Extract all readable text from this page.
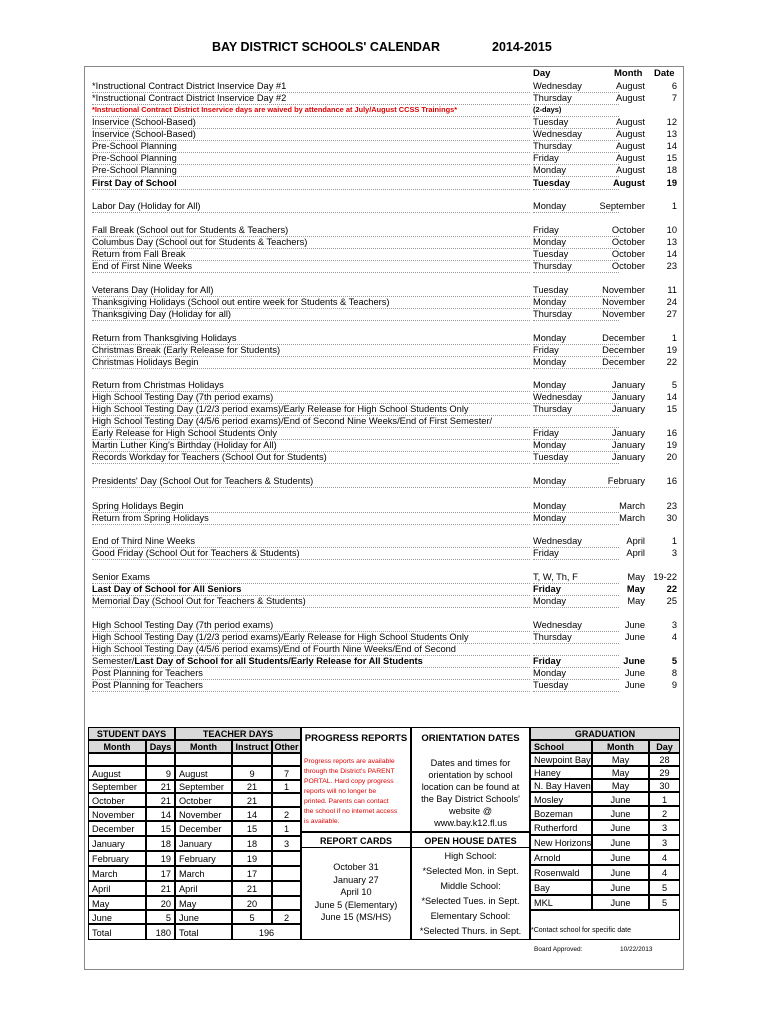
BAY DISTRICT SCHOOLS' CALENDAR	2014-2015
Day	Month Date
*Instructional Contract District Inservice Day #1	Wednesday	August	6
*Instructional Contract District Inservice Day #2	Thursday	August	7
*Instructional Contract District Inservice days are waived by attendance at July/August CCSS Trainings*	(2-days)
Inservice (School-Based)	Tuesday	August	12
Inservice (School-Based)	Wednesday	August	13
Pre-School Planning	Thursday	August	14
Pre-School Planning	Friday	August	15
Pre-School Planning	Monday	August	18
First Day of School	Tuesday	August	19
Labor Day (Holiday for All)	Monday	September	1
Fall Break (School out for Students & Teachers)	Friday	October	10
Columbus Day (School out for Students & Teachers)	Monday	October	13
Return from Fall Break	Tuesday	October	14
End of First Nine Weeks	Thursday	October	23
Veterans Day (Holiday for All)	Tuesday	November	11
Thanksgiving Holidays (School out entire week for Students & Teachers)	Monday	November	24
Thanksgiving Day (Holiday for all)	Thursday	November	27
Return from Thanksgiving Holidays	Monday	December	1
Christmas Break (Early Release for Students)	Friday	December	19
Christmas Holidays Begin	Monday	December	22
Return from Christmas Holidays	Monday	January	5
High School Testing Day (7th period exams)	Wednesday	January	14
High School Testing Day (1/2/3 period exams)/Early Release for High School Students Only	Thursday	January	15
High School Testing Day (4/5/6 period exams)/End of Second Nine Weeks/End of First Semester/
Early Release for High School Students Only	Friday	January	16
Martin Luther King's Birthday (Holiday for All)	Monday	January	19
Records Workday for Teachers (School Out for Students)	Tuesday	January	20
Presidents' Day (School Out for Teachers & Students)	Monday	February	16
Spring Holidays Begin	Monday	March	23
Return from Spring Holidays	Monday	March	30
End of Third Nine Weeks	Wednesday	April	1
Good Friday (School Out for Teachers & Students)	Friday	April	3
Senior Exams	T, W, Th, F	May 19-22
Last Day of School for All Seniors	Friday	May	22
Memorial Day (School Out for Teachers & Students)	Monday	May	25
High School Testing Day (7th period exams)	Wednesday	June	3
High School Testing Day (1/2/3 period exams)/Early Release for High School Students Only	Thursday	June	4
High School Testing Day (4/5/6 period exams)/End of Fourth Nine Weeks/End of Second
Semester/Last Day of School for all Students/Early Release for All Students	Friday	June	5
Post Planning for Teachers	Monday	June	8
Post Planning for Teachers	Tuesday	June	9
STUDENT DAYS
Month	Days
August	9
September	21
October	21
November	14
December	15
January	18
February	19
March	17
April	21
May	20
June	5
Total	180
TEACHER DAYS
Month	Instruct Other
August	9	7
September	21	1
October	21
November	14	2
December	15	1
January	18	3
February	19
March	17
April	21
May	20
June	5	2
Total	196
PROGRESS REPORTS
REPORT CARDS
October 31
January 27
April 10
June 5 (Elementary)
June 15 (MS/HS)
ORIENTATION DATES
Dates and times for
orientation by school
location can be found at
the Bay District Schools'
website @
www.bay.k12.fl.us
OPEN HOUSE DATES
High School:
*Selected Mon. in Sept.
Middle School:
*Selected Tues. in Sept.
Elementary School:
*Selected Thurs. in Sept.
GRADUATION
School	Month	Day
Newpoint Bay	May	28
Haney	May	29
N. Bay Haven	May	30
Mosley	June	1
Bozeman	June	2
Rutherford	June	3
New Horizons	June	3
Arnold	June	4
Rosenwald	June	4
Bay	June	5
MKL	June	5
Progress reports are available
through the District's PARENT
PORTAL. Hard copy progress
reports will no longer be
printed. Parents can contact
the school if no internet access
is available.
*Contact school for specific date
Board Approved:	10/22/2013
